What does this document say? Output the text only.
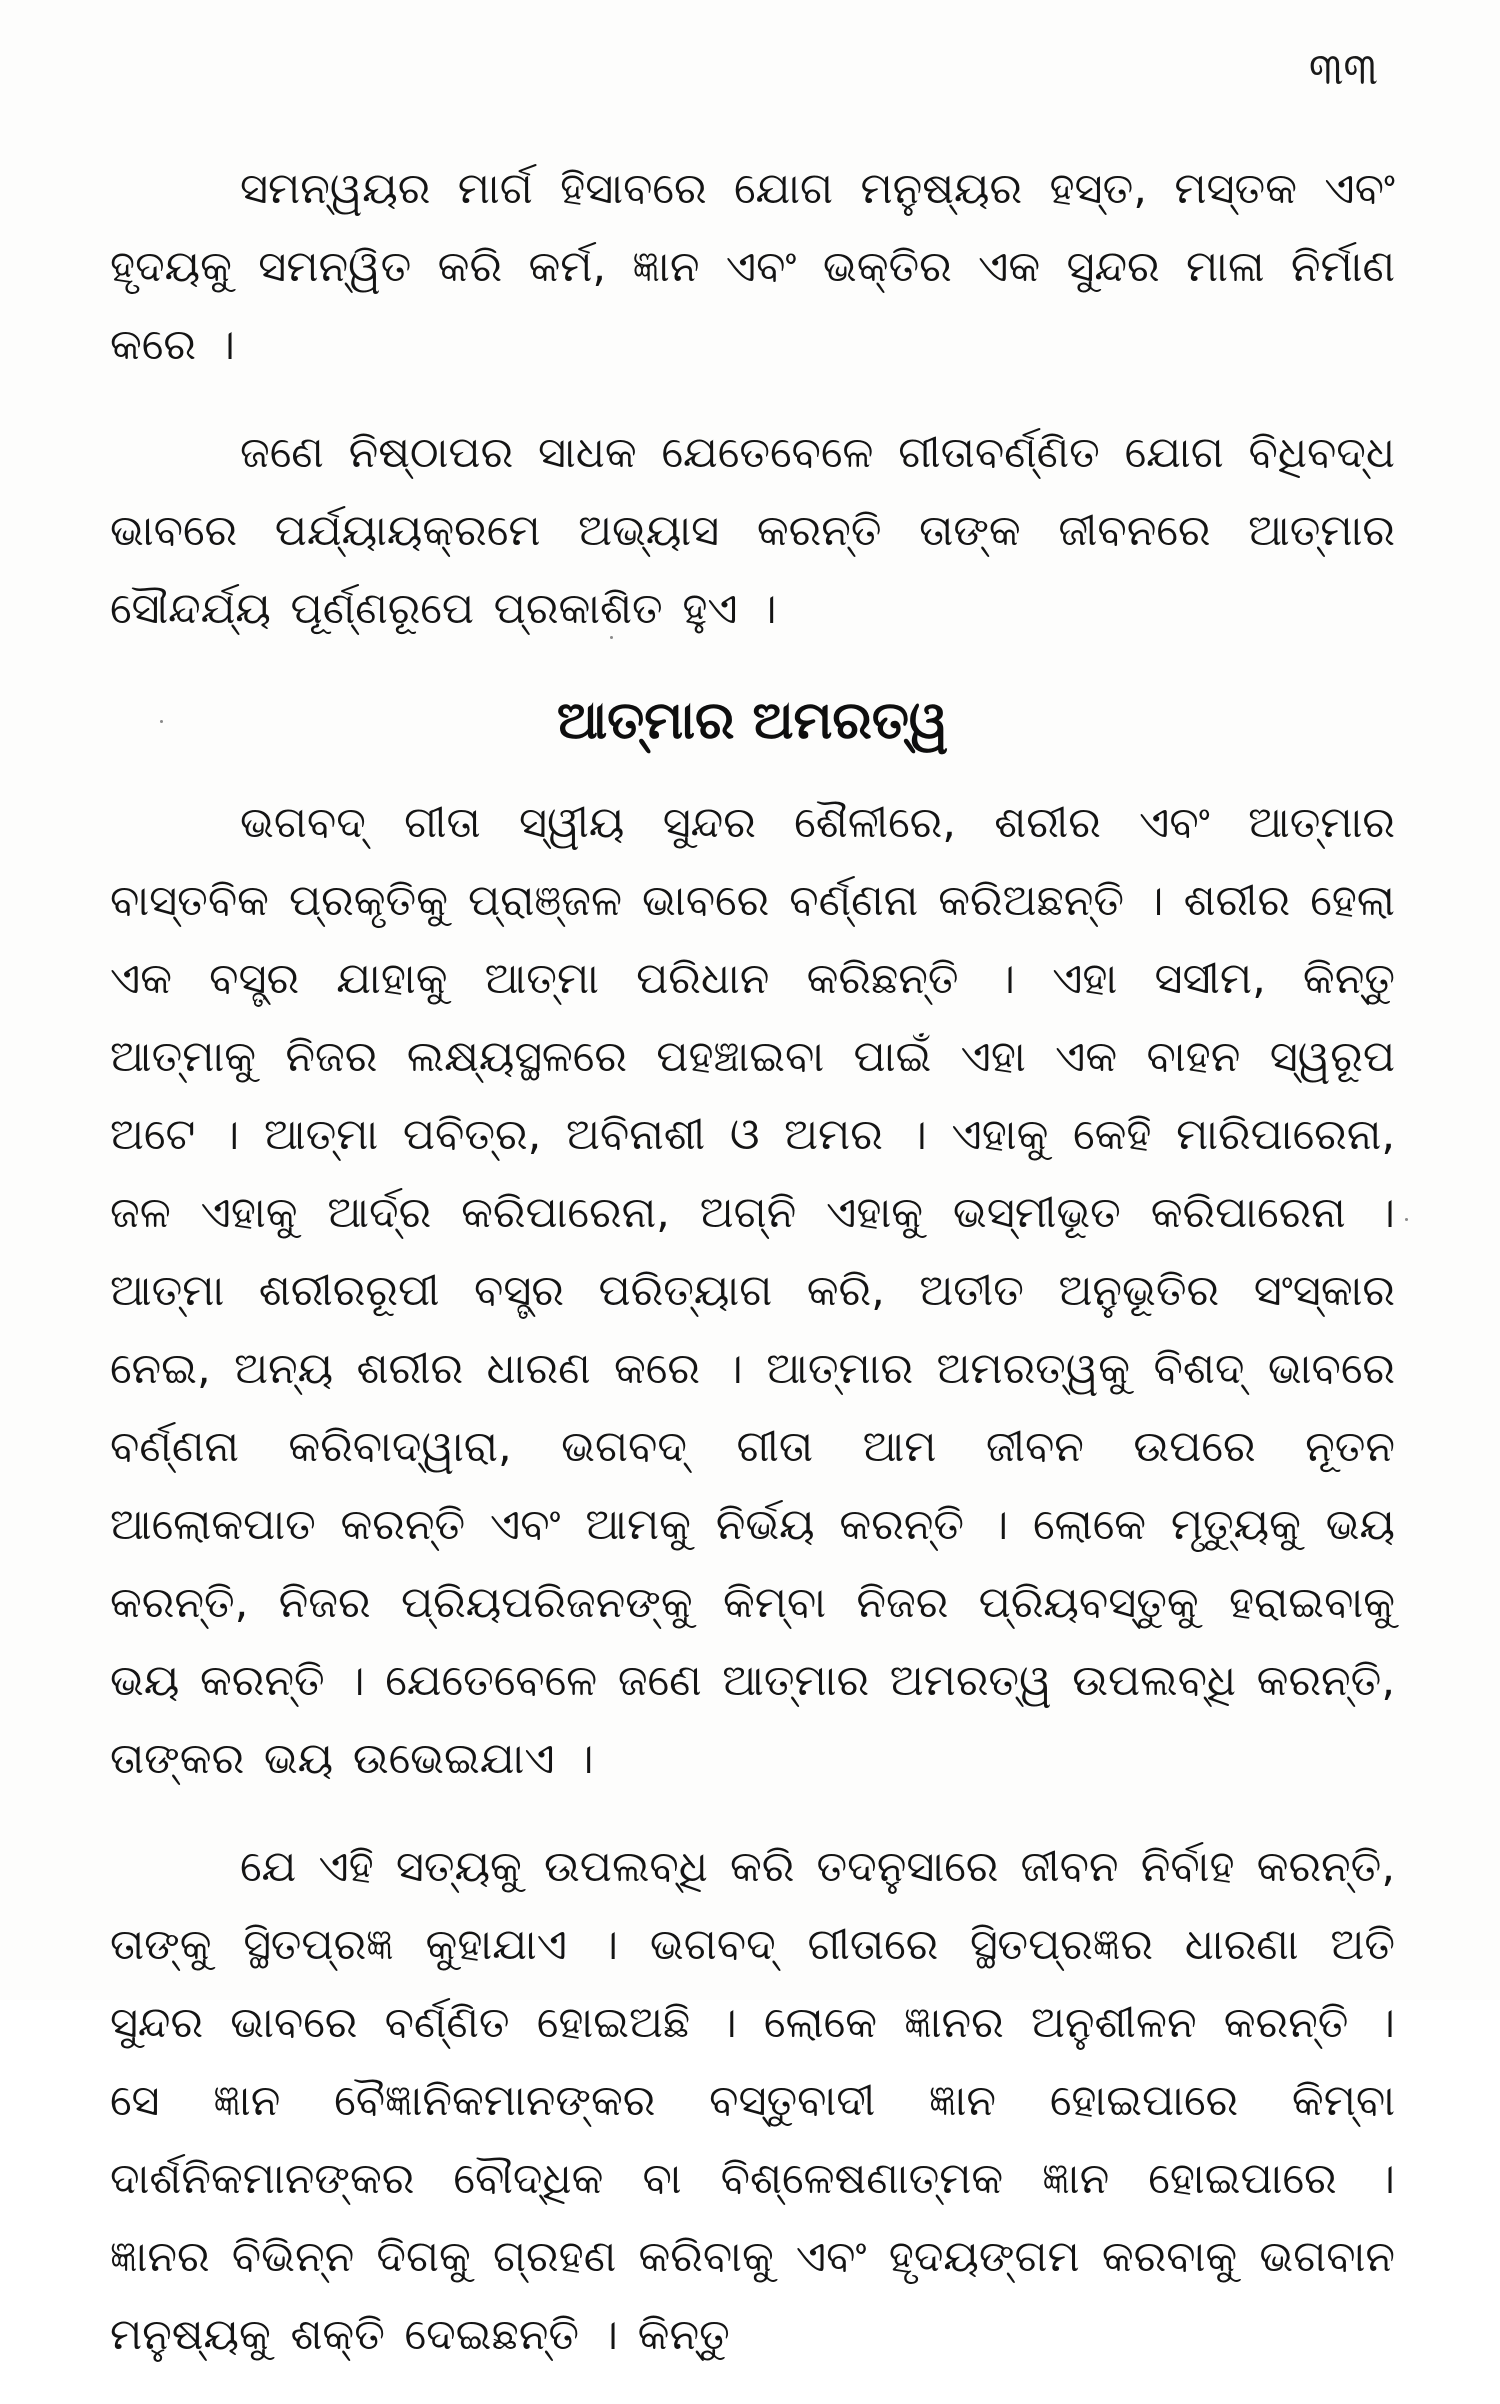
୩୩

ସମନ୍ୱୟର ମାର୍ଗ ହିସାବରେ ଯୋଗ ମନୁଷ୍ୟର ହସ୍ତ, ମସ୍ତକ ଏବଂ ହୃଦୟକୁ ସମନ୍ୱିତ କରି କର୍ମ, ଜ୍ଞାନ ଏବଂ ଭକ୍ତିର ଏକ ସୁନ୍ଦର ମାଳା ନିର୍ମାଣ କରେ ।

ଜଣେ ନିଷ୍ଠାପର ସାଧକ ଯେତେବେଳେ ଗୀତାବର୍ଣ୍ଣିତ ଯୋଗ ବିଧିବଦ୍ଧ ଭାବରେ ପର୍ଯ୍ୟାୟକ୍ରମେ ଅଭ୍ୟାସ କରନ୍ତି ତାଙ୍କ ଜୀବନରେ ଆତ୍ମାର ସୌନ୍ଦର୍ଯ୍ୟ ପୂର୍ଣ୍ଣରୂପେ ପ୍ରକାଶିତ ହୁଏ ।

ଆତ୍ମାର ଅମରତ୍ୱ

ଭଗବଦ୍ ଗୀତା ସ୍ୱୀୟ ସୁନ୍ଦର ଶୈଳୀରେ, ଶରୀର ଏବଂ ଆତ୍ମାର ବାସ୍ତବିକ ପ୍ରକୃତିକୁ ପ୍ରାଞ୍ଜଳ ଭାବରେ ବର୍ଣ୍ଣନା କରିଅଛନ୍ତି । ଶରୀର ହେଲା ଏକ ବସ୍ତ୍ର ଯାହାକୁ ଆତ୍ମା ପରିଧାନ କରିଛନ୍ତି । ଏହା ସସୀମ, କିନ୍ତୁ ଆତ୍ମାକୁ ନିଜର ଲକ୍ଷ୍ୟସ୍ଥଳରେ ପହଞ୍ଚାଇବା ପାଇଁ ଏହା ଏକ ବାହନ ସ୍ୱରୂପ ଅଟେ । ଆତ୍ମା ପବିତ୍ର, ଅବିନାଶୀ ଓ ଅମର । ଏହାକୁ କେହି ମାରିପାରେନା, ଜଳ ଏହାକୁ ଆର୍ଦ୍ର କରିପାରେନା, ଅଗ୍ନି ଏହାକୁ ଭସ୍ମୀଭୂତ କରିପାରେନା । ଆତ୍ମା ଶରୀରରୂପୀ ବସ୍ତ୍ର ପରିତ୍ୟାଗ କରି, ଅତୀତ ଅନୁଭୂତିର ସଂସ୍କାର ନେଇ, ଅନ୍ୟ ଶରୀର ଧାରଣ କରେ । ଆତ୍ମାର ଅମରତ୍ୱକୁ ବିଶଦ୍ ଭାବରେ ବର୍ଣ୍ଣନା କରିବାଦ୍ୱାରା, ଭଗବଦ୍ ଗୀତା ଆମ ଜୀବନ ଉପରେ ନୂତନ ଆଲୋକପାତ କରନ୍ତି ଏବଂ ଆମକୁ ନିର୍ଭୟ କରନ୍ତି । ଲୋକେ ମୃତ୍ୟୁକୁ ଭୟ କରନ୍ତି, ନିଜର ପ୍ରିୟପରିଜନଙ୍କୁ କିମ୍ବା ନିଜର ପ୍ରିୟବସ୍ତୁକୁ ହରାଇବାକୁ ଭୟ କରନ୍ତି । ଯେତେବେଳେ ଜଣେ ଆତ୍ମାର ଅମରତ୍ୱ ଉପଲବ୍ଧି କରନ୍ତି, ତାଙ୍କର ଭୟ ଉଭେଇଯାଏ ।

ଯେ ଏହି ସତ୍ୟକୁ ଉପଲବ୍ଧି କରି ତଦନୁସାରେ ଜୀବନ ନିର୍ବାହ କରନ୍ତି, ତାଙ୍କୁ ସ୍ଥିତପ୍ରଜ୍ଞ କୁହାଯାଏ । ଭଗବଦ୍ ଗୀତାରେ ସ୍ଥିତପ୍ରଜ୍ଞର ଧାରଣା ଅତି ସୁନ୍ଦର ଭାବରେ ବର୍ଣ୍ଣିତ ହୋଇଅଛି । ଲୋକେ ଜ୍ଞାନର ଅନୁଶୀଳନ କରନ୍ତି । ସେ ଜ୍ଞାନ ବୈଜ୍ଞାନିକମାନଙ୍କର ବସ୍ତୁବାଦୀ ଜ୍ଞାନ ହୋଇପାରେ କିମ୍ବା ଦାର୍ଶନିକମାନଙ୍କର ବୌଦ୍ଧିକ ବା ବିଶ୍ଳେଷଣାତ୍ମକ ଜ୍ଞାନ ହୋଇପାରେ । ଜ୍ଞାନର ବିଭିନ୍ନ ଦିଗକୁ ଗ୍ରହଣ କରିବାକୁ ଏବଂ ହୃଦୟଙ୍ଗମ କରବାକୁ ଭଗବାନ ମନୁଷ୍ୟକୁ ଶକ୍ତି ଦେଇଛନ୍ତି । କିନ୍ତୁ
